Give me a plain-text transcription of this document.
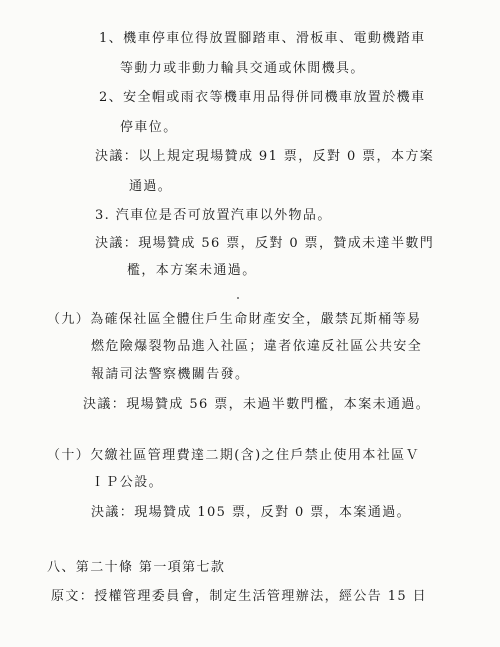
1、機車停車位得放置腳踏車、滑板車、電動機踏車
等動力或非動力輪具交通或休閒機具。
2、安全帽或雨衣等機車用品得併同機車放置於機車
停車位。
決議：以上規定現場贊成 91 票，反對 0 票，本方案
通過。
3. 汽車位是否可放置汽車以外物品。
決議：現場贊成 56 票，反對 0 票，贊成未達半數門
檻，本方案未通過。
（九）為確保社區全體住戶生命財產安全，嚴禁瓦斯桶等易
燃危險爆裂物品進入社區；違者依違反社區公共安全
報請司法警察機關告發。
決議：現場贊成 56 票，未過半數門檻，本案未通過。
（十）欠繳社區管理費達二期(含)之住戶禁止使用本社區Ｖ
ＩＰ公設。
決議：現場贊成 105 票，反對 0 票，本案通過。
八、第二十條 第一項第七款
原文：授權管理委員會，制定生活管理辦法，經公告 15 日
